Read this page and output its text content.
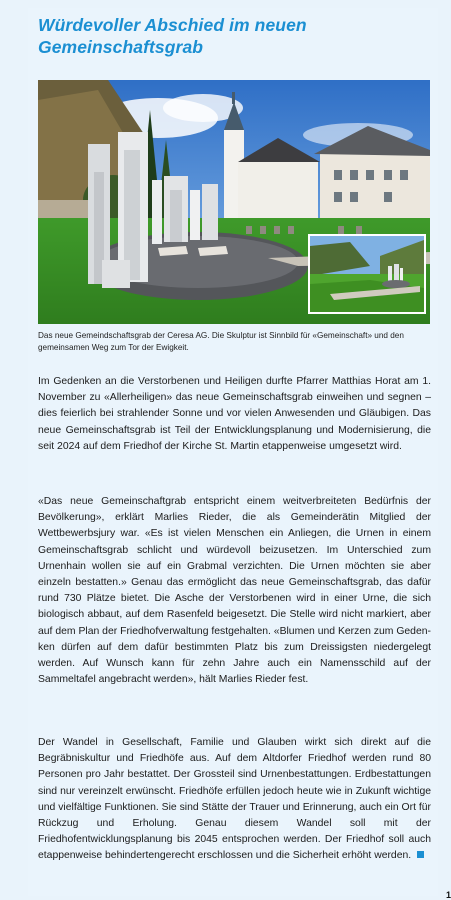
Würdevoller Abschied im neuen Gemeinschaftsgrab

Das neue Gemeindschaftsgrab der Ceresa AG. Die Skulptur ist Sinnbild für «Gemeinschaft» und den gemeinsamen Weg zum Tor der Ewigkeit.

Im Gedenken an die Verstorbenen und Heiligen durfte Pfarrer Matthias Horat am 1. November zu «Allerheiligen» das neue Gemeinschaftsgrab einweihen und segnen – dies feierlich bei strahlender Sonne und vor vielen Anwesenden und Gläubigen. Das neue Gemeinschaftsgrab ist Teil der Entwicklungsplanung und Modernisierung, die seit 2024 auf dem Friedhof der Kirche St. Martin etappenweise umgesetzt wird.

«Das neue Gemeinschaftgrab entspricht einem weitverbreiteten Bedürfnis der Bevölkerung», erklärt Marlies Rieder, die als Gemeinderätin Mitglied der Wettbewerbsjury war. «Es ist vielen Menschen ein Anliegen, die Urnen in einem Gemeinschaftsgrab schlicht und würdevoll beizusetzen. Im Unterschied zum Urnenhain wollen sie auf ein Grabmal verzichten. Die Urnen möchten sie aber einzeln bestatten.» Genau das ermöglicht das neue Gemeinschaftsgrab, das dafür rund 730 Plätze bietet. Die Asche der Verstorbenen wird in einer Urne, die sich biologisch abbaut, auf dem Rasenfeld beigesetzt. Die Stelle wird nicht markiert, aber auf dem Plan der Friedhofverwaltung festgehalten. «Blumen und Kerzen zum Gedenken dürfen auf dem dafür bestimmten Platz bis zum Dreissigsten niedergelegt werden. Auf Wunsch kann für zehn Jahre auch ein Namensschild auf der Sammeltafel angebracht werden», hält Marlies Rieder fest.

Der Wandel in Gesellschaft, Familie und Glauben wirkt sich direkt auf die Begräbniskultur und Friedhöfe aus. Auf dem Altdorfer Friedhof werden rund 80 Personen pro Jahr bestattet. Der Grossteil sind Urnenbestattungen. Erdbestattungen sind nur vereinzelt erwünscht. Friedhöfe erfüllen jedoch heute wie in Zukunft wichtige und vielfältige Funktionen. Sie sind Stätte der Trauer und Erinnerung, auch ein Ort für Rückzug und Erholung. Genau diesem Wandel soll mit der Friedhofentwicklungsplanung bis 2045 entsprochen werden. Der Friedhof soll auch etappenweise behindertengerecht erschlossen und die Sicherheit erhöht werden.

1
